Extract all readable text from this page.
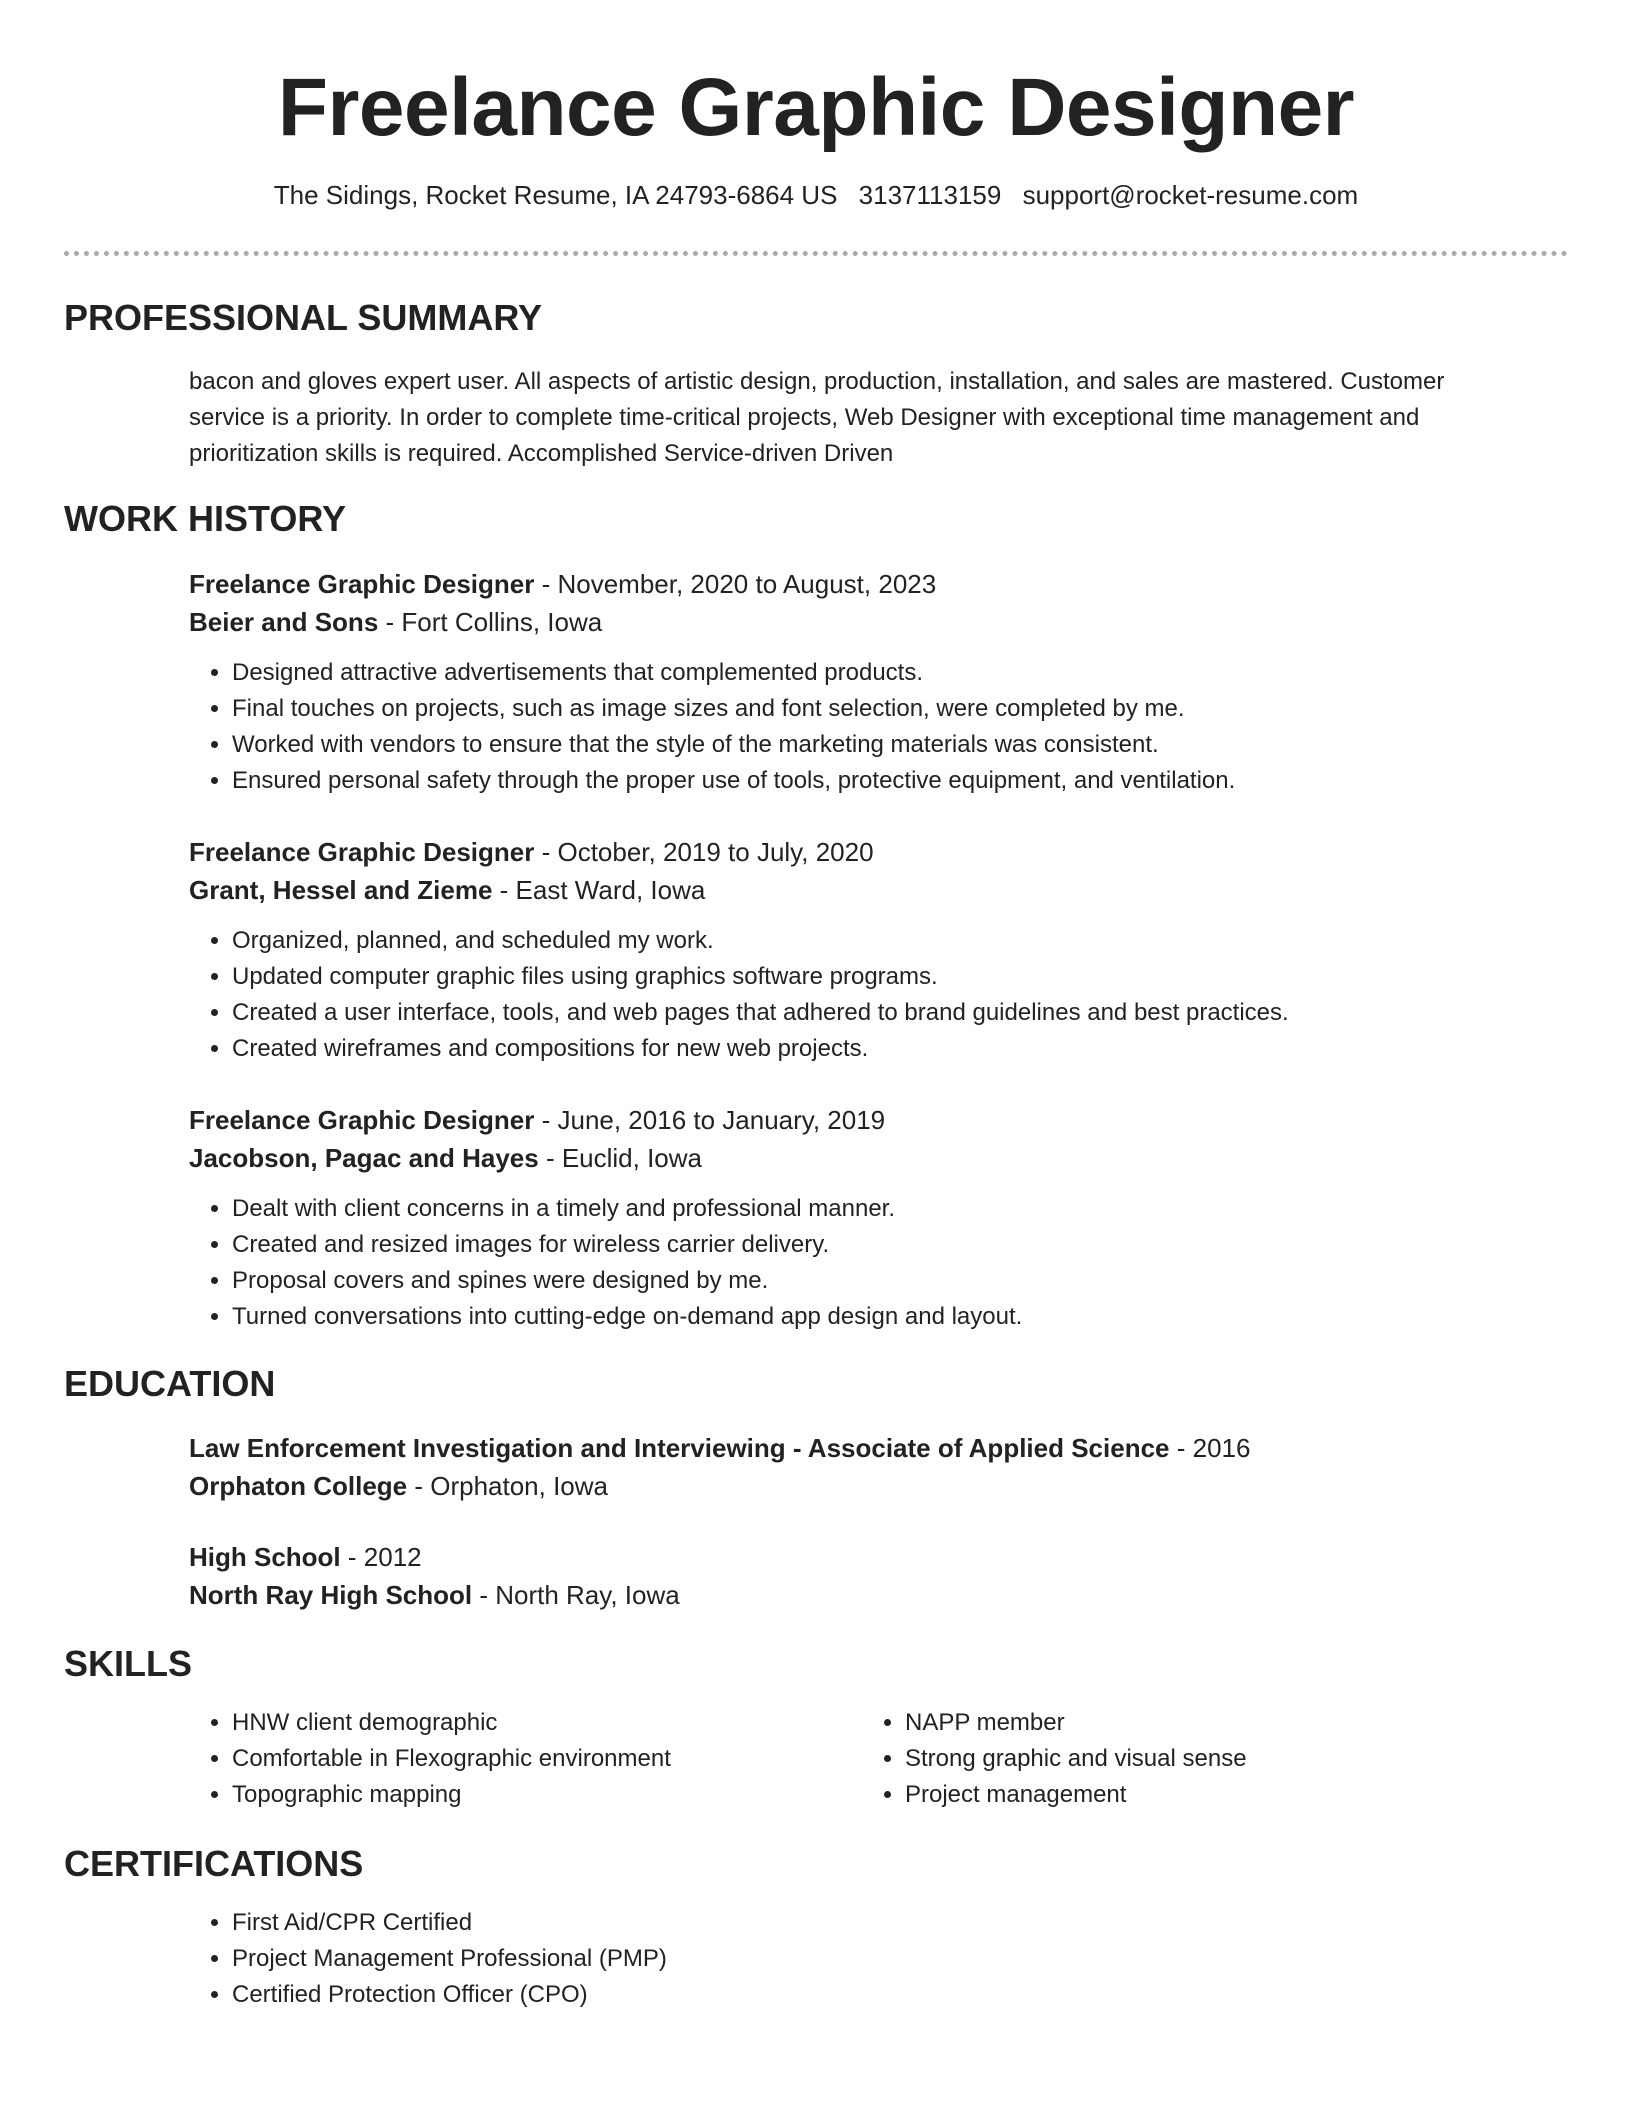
Freelance Graphic Designer
The Sidings, Rocket Resume, IA 24793-6864 US 3137113159 support@rocket-resume.com
PROFESSIONAL SUMMARY
bacon and gloves expert user. All aspects of artistic design, production, installation, and sales are mastered. Customer service is a priority. In order to complete time-critical projects, Web Designer with exceptional time management and prioritization skills is required. Accomplished Service-driven Driven
WORK HISTORY
Freelance Graphic Designer - November, 2020 to August, 2023
Beier and Sons - Fort Collins, Iowa
• Designed attractive advertisements that complemented products.
• Final touches on projects, such as image sizes and font selection, were completed by me.
• Worked with vendors to ensure that the style of the marketing materials was consistent.
• Ensured personal safety through the proper use of tools, protective equipment, and ventilation.
Freelance Graphic Designer - October, 2019 to July, 2020
Grant, Hessel and Zieme - East Ward, Iowa
• Organized, planned, and scheduled my work.
• Updated computer graphic files using graphics software programs.
• Created a user interface, tools, and web pages that adhered to brand guidelines and best practices.
• Created wireframes and compositions for new web projects.
Freelance Graphic Designer - June, 2016 to January, 2019
Jacobson, Pagac and Hayes - Euclid, Iowa
• Dealt with client concerns in a timely and professional manner.
• Created and resized images for wireless carrier delivery.
• Proposal covers and spines were designed by me.
• Turned conversations into cutting-edge on-demand app design and layout.
EDUCATION
Law Enforcement Investigation and Interviewing - Associate of Applied Science - 2016
Orphaton College - Orphaton, Iowa
High School - 2012
North Ray High School - North Ray, Iowa
SKILLS
• HNW client demographic
• Comfortable in Flexographic environment
• Topographic mapping
• NAPP member
• Strong graphic and visual sense
• Project management
CERTIFICATIONS
• First Aid/CPR Certified
• Project Management Professional (PMP)
• Certified Protection Officer (CPO)
